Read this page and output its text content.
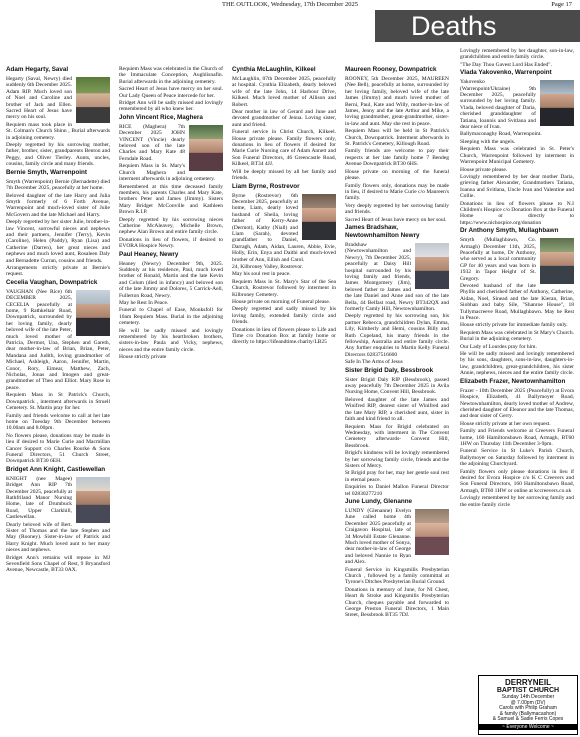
THE OUTLOOK, Wednesday, 17th December 2025	Page 17
Deaths
Adam Hegarty, Saval

Hegarty (Saval, Newry) died suddenly 6th December 2025. Adam RIP. Much loved son of Noel and Caroline and brother of Jack and Ellen. Sacred Heart of Jesus have mercy on his soul.

Requiem mass took place in St. Colman's Church Shinn , Burial afterwards in adjoining cemetery.

Deeply regretted by his sorrowing mother, father, brother, sister, grandparents Benton and Peggy, and Oliver Tierley. Aunts, uncles, cousins, family circle and many friends.

Bernie Smyth, Warrenpoint

Smyth (Warrenpoint) Bernie (Bernadette) died 7th December 2025, peacefully at her home.

Beloved daughter of the late Harry and Julia Smyth formerly of 6 Forth Avenue, Warrenpoint and much-loved sister of Julie McGovern and the late Michael and Harry.

Deeply regretted by her sister Julie, brother-in-law Vincent, sorrowful nieces and nephews and their partners, Jennifer (Terry), Kevin (Caroline), Helen (Paddy), Ryan (Lisa) and Catherine (Darren), her great nieces and nephews and much loved aunt, Rosaleen Daly and Bernadette Curran, cousins and friends.

Arrangements strictly private at Bernie's request.

Cecelia Vaughan, Downpatrick

VAUGHAN (Nee Rice) 6th DECEMBER 2025, CECELIA peacefully at home, 9 Rathkeltair Road, Downpatrick, surrounded by her loving family, dearly beloved wife of the late Peter, much loved mother of Patricia, Dermot, Una, Stephen and Gareth, dear mother-in-law of Brian, Brian, Peter, Mandana and Judith, loving grandmother of Michael, Ashleigh, Aaron, Jennifer, Martin, Conor, Rory, Eimear, Matthew, Zach, Nicholas, Jonas and Imogen and great-grandmother of Theo and Elliot. Mary Rose in peace.

Requiem Mass in St Patrick's Church, Downpatrick , interment afterwards in Struell Cemetery. St. Martin pray for her.

Family and friends welcome to call at her late home on Tuesday 9th December between 10.00am and 8.00pm.

No flowers please, donations may be made in lieu if desired to Marie Curie and Macmillan Cancer Support c/o Charles Rourke & Sons Funeral Directors, 51 Church Street, Downpatrick BT30 6EH.

Bridget Ann Knight, Castlewellan

KNIGHT (nee Magee) Bridget Ann RIP 7th December 2025, peacefully at Rathfriland Manor Nursing Home, late of Drumbuck Road, Upper Clarkhill, Castlewellan.

Dearly beloved wife of Bert. Sister of Thomas and the late Stephen and May (Rooney). Sister-in-law of Patrick and Harry Knight. Much loved aunt to her many nieces and nephews.

Bridget Ann's remains will repose in MJ Sevenfield Sons Chapel of Rest, 9 Bryansford Avenue, Newcastle, BT33 0AX.

Requiem Mass was celebrated in the Church of the Immaculate Conception, Aughlisnafin. Burial afterwards in the adjoining cemetery.

Sacred Heart of Jesus have mercy on her soul. Our Lady Queen of Peace intercede for her.

Bridget Ann will be sadly missed and lovingly remembered by all who knew her.

John Vincent Rice, Maghera

RICE (Maghera) 7th December 2025 JOHN VINCENT (Vincie) dearly beloved son of the late Charles and Mary Kate 48 Ferndale Road.

Requiem Mass in St. Mary's Church Maghera and interment afterwards in adjoining cemetery.

Remembered at this time deceased family members, his parents Charles and Mary Kate, brothers Peter and James (Jimmy). Sisters Mary Bridget McConville and Kathleen Brown R.I.P.

Deeply regretted by his sorrowing nieces Catherine McAleavey, Michelle Brown, nephew Alan Brown and entire family circle.

Donations in lieu of flowers, if desired to EVORA Hospice Newry.

Paul Heaney, Newry

Heaney (Newry) December 9th, 2025. Suddenly at his residence, Paul, much loved brother of Ronald, Martin and the late Kevin and Colum (died in infancy) and beloved son of the late Jimmy and Dolores, 5 Carrick-Aell, Fullerton Road, Newry.

May he Rest In Peace.

Funeral to Chapel of Ease, Monksfoll for 10am Requiem Mass. Burial in the adjoining cemetery.

He will be sadly missed and lovingly remembered by his heartbroken brothers, sisters-in-law Paula and Vicky, nephews, nieces and the entire family circle.

House strictly private

Cynthia McLaughlin, Kilkeel

McLaughlin, 07th December 2025, peacefully at hospital. Cynthia Elizabeth, dearly beloved wife of the late John, 14 Harbour Drive, Kilkeel. Much loved mother of Allison and Robert.

Dear mother in law of Gerard and June and devoted grandmother of Jenna. Loving sister, aunt and friend.

Funeral service in Christ Church, Kilkeel. House private please. Family flowers only, donations in lieu of flowers if desired for Marie Curie Nursing care of Adam Annett and Son Funeral Directors, 46 Greencastle Road, Kilkeel, BT34 4JJ.

Will be deeply missed by all her family and friends.

Liam Byrne, Rostrevor

Byrne (Rostrevor) 6th December 2025, peacefully at home, Liam, dearly loved husband of Sheila, loving father of Kerry-Anne (Dermot), Kathy (Niall) and Liam (Sarah), devoted grandfather to Daniel, Darragh, Adam, Aidan, Lauren, Abbie, Evie, Holly, Erin, Enya and Daithi and much-loved brother of Ann, Eilish and Carol.

24, Kilbroney Valley, Rostrevor.

May his soul rest in peace.

Requiem Mass in St. Mary's Star of the Sea Church, Rostrevor followed by interment in Kilbroney Cemetery.

House private on morning of Funeral please.

Deeply regretted and sadly missed by his loving family, extended family circle and friends.

Donations in lieu of flowers please to Life and Time c/o Donation Box at family home or directly to https://lifeandtime.charity/LB25

Maureen Rooney, Downpatrick

ROONEY, 5th December 2025, MAUREEN (Nee Bell), peacefully at home, surrounded by her loving family, beloved wife of the late James (Jimmy) and much loved mother of Berni, Paul, Kate and Willy, mother-in-law of James, Jenny and the late Arthur and Mike, a loving grandmother, great-grandmother, sister-in-law and aunt. May she rest in peace.

Requiem Mass will be held in St Patrick's Church, Downpatrick. Interment afterwards in St. Patrick's Cemetery, Killough Road.

Family friends are welcome to pay their respects at her late family home 7 Bendeg Avenue Downpatrick BT30 6HS.

House private on morning of the funeral please.

Family flowers only, donations may be made in lieu, if desired to Marie Curie c/o Maureen's family.

Very deeply regretted by her sorrowing family and friends.

Sacred Heart of Jesus have mercy on her soul.

James Bradshaw, Newtownhamilton Newry

Bradshaw (Newtownhamilton and Newry), 7th December 2025, peacefully at Daisy Hill hospital surrounded by his loving family and friends, James Montgomery (Jim), beloved father to James and the late Daniel and Anne and son of the late Bella, 44 Belfast road, Newry BT342QX and formerly Camly Hill, Newtownhamilton.

Deeply regretted by his sorrowing son, his partner Rebecca, grandchildren Dylan, Emma, Lily, Kimberly and Hemi, cousins Billy and Ruth Copeland, his many friends in the fellowship, Australia and entire family circle. Any further enquiries to Martin Kelly Funeral Directors 02837516600

Safe In The Arms of Jesus

Sister Brigid Daly, Bessbrook

Sister Brigid Daly RIP (Bessbrook), passed away peacefully 7th December 2025 in Avila Nursing Home, Convent Hill, Bessbrook.

Beloved daughter of the late James and Winifred RIP, dearest sister of Winifred and the late Mary RIP, a cherished aunt, sister in faith and kind friend to all.

Requiem Mass for Brigid celebrated on Wednesday, with interment in The Convent Cemetery afterwards- Convent Hill, Bessbrook.

Brigid's kindness will be lovingly remembered by her sorrowing family circle, friends and the Sisters of Mercy.

St Brigid pray for her, may her gentle soul rest in eternal peace.

Enquiries to Daniel Mallon Funeral Director tel 02830277210

June Lundy, Glenanne

LUNDY (Glenanne) Evelyn June called home 4th December 2025 peacefully at Craigavon Hospital, late of 34 Mowhill Estate Glenanne. Much loved mother of Sonya, dear mother-in-law of George and beloved Nannie to Ryan and Alex.

Funeral Service in Kingsmills Presbyterian Church , followed by a family committal at Tyrone's Ditches Presbyterian Burial Ground.

Donations in memory of June, for NI Chest, Heart & Stroke and Kingsmills Presbyterian Church, cheques payable and forwarded to George Preston Funeral Directors, 1 Main Street, Bessbrook BT35 7DJ.

Lovingly remembered by her daughter, son-in-law, grandchildren and entire family circle.

"The Day Thou Gavest Lord Has Ended".

Vlada Yakovenko, Warrenpoint

Yakovenko (Warrenpoint/Ukraine) 9th December 2025, peacefully surrounded by her loving family. Vlada, beloved daughter of Daria, cherished granddaughter of Tatiana, Ioannis and Svitlana and dear niece of Ivan.

Ballymaconaghy Road, Warrenpoint.

Sleeping with the angels.

Requiem Mass was celebrated in St. Peter's Church, Warrenpoint followed by interment in Warrenpoint Municipal Cemetery.

House private please.

Lovingly remembered by her dear mother Daria, grieving father Alexander, Grandmothers Tatiana, Ioanna and Svitlana, Uncle Ivan and Valentine and Collie.

Donations in lieu of flowers please to N.I Children's Hospice c/o Donation Box at the Funeral Home or directly to https://www.nichospice.org/donation

Dr Anthony Smyth, Mullaghbawn

Smyth (Mullaghbawn, Co. Armagh) December 11th, 2025, Peacefully at home, Dr Anthony, who served as a local community GP for 40 years and was born in 1932 in Tapor Height of St. Gregory.

Devoted husband of the late Phyllis and cherished father of Anthony, Catherine, Aidan, Noel, Sinead and the late Kieran, Brian, Siobhan and baby Sile, "Shanroe House", 18 Tullymacreeve Road, Mullaghbawn. May he Rest in Peace.

House strictly private for immediate family only.

Requiem Mass was celebrated in St Mary's Church. Burial in the adjoining cemetery.

Our Lady of Lourdes pray for him.

He will be sadly missed and lovingly remembered by his sons, daughters, sons-in-law, daughters-in-law, grandchildren, great-grandchildren, his sister Annie, nephews, nieces and the entire family circle.

Elizabeth Frazer, Newtownhamilton

Frazer - 10th December 2025 (Peacefully) at Evora Hospice, Elizabeth, 41 Ballymoyer Road, Newtownhamilton, dearly loved mother of Andrew, cherished daughter of Eleanor and the late Thomas, and dear sister of Gerry.

House strictly private at her own request.

Family and Friends welcome at Creevers Funeral home, 160 Hamiltonsbawn Road, Armagh, BT60 1HW on Thursday 11th December 3-9pm.

Funeral Service in St Luke's Parish Church, Ballymoyer on Saturday followed by interment in the adjoining Churchyard.

Family flowers only please donations in lieu if desired for Evora Hospice c/o K C Creevers and Son Funeral Directors, 160 Hamiltonsbawn Road, Armagh, BT60 1HW or online at kccreevers.co.uk

Lovingly remembered by her sorrowing family and the entire family circle

DERRYNEIL
BAPTIST CHURCH
Sunday 14th December
@ 7.00pm (DV)
Carols with Philip Graham
& family (Ballymacashon)
& Samuel & Sadie Ferris Copes
~ Everyone Welcome ~
